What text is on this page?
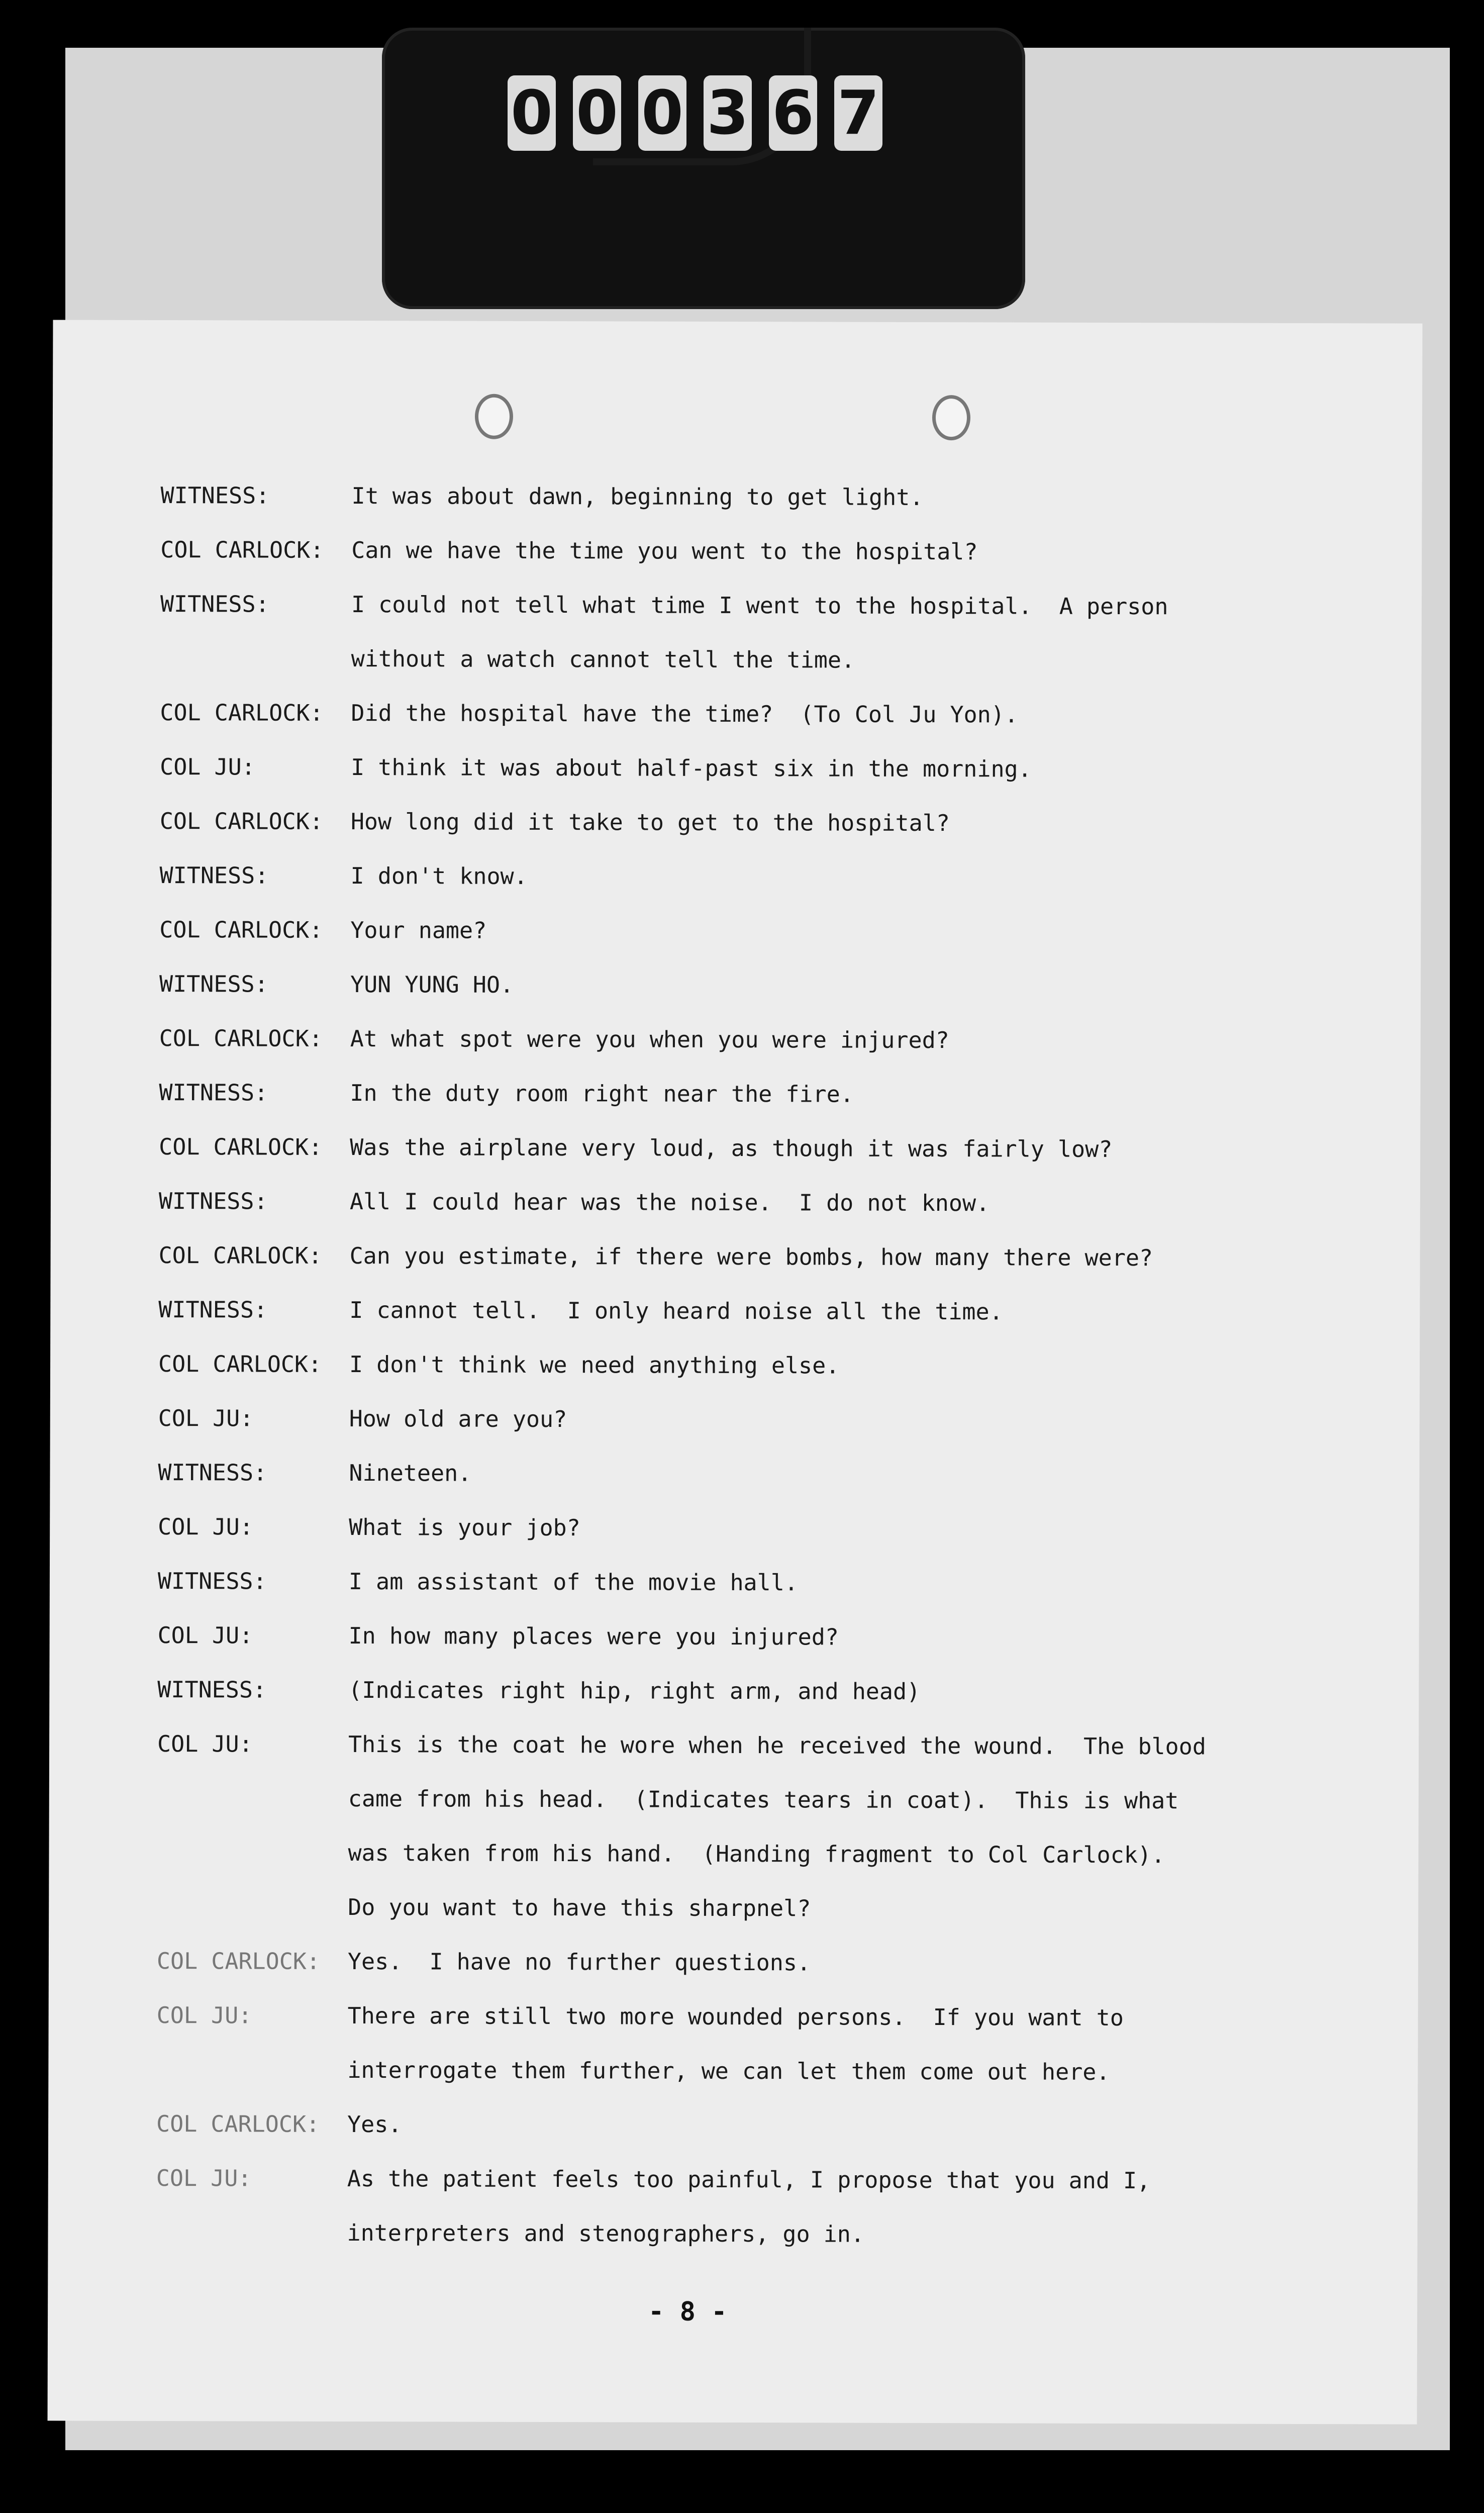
0 0 0 3 6 7
WITNESS:	It was about dawn, beginning to get light.
COL CARLOCK:	Can we have the time you went to the hospital?
WITNESS:	I could not tell what time I went to the hospital.  A person
without a watch cannot tell the time.
COL CARLOCK:	Did the hospital have the time?  (To Col Ju Yon).
COL JU:	I think it was about half-past six in the morning.
COL CARLOCK:	How long did it take to get to the hospital?
WITNESS:	I don't know.
COL CARLOCK:	Your name?
WITNESS:	YUN YUNG HO.
COL CARLOCK:	At what spot were you when you were injured?
WITNESS:	In the duty room right near the fire.
COL CARLOCK:	Was the airplane very loud, as though it was fairly low?
WITNESS:	All I could hear was the noise.  I do not know.
COL CARLOCK:	Can you estimate, if there were bombs, how many there were?
WITNESS:	I cannot tell.  I only heard noise all the time.
COL CARLOCK:	I don't think we need anything else.
COL JU:	How old are you?
WITNESS:	Nineteen.
COL JU:	What is your job?
WITNESS:	I am assistant of the movie hall.
COL JU:	In how many places were you injured?
WITNESS:	(Indicates right hip, right arm, and head)
COL JU:	This is the coat he wore when he received the wound.  The blood
came from his head.  (Indicates tears in coat).  This is what
was taken from his hand.  (Handing fragment to Col Carlock).
Do you want to have this sharpnel?
COL CARLOCK:	Yes.  I have no further questions.
COL JU:	There are still two more wounded persons.  If you want to
interrogate them further, we can let them come out here.
COL CARLOCK:	Yes.
COL JU:	As the patient feels too painful, I propose that you and I,
interpreters and stenographers, go in.
- 8 -
